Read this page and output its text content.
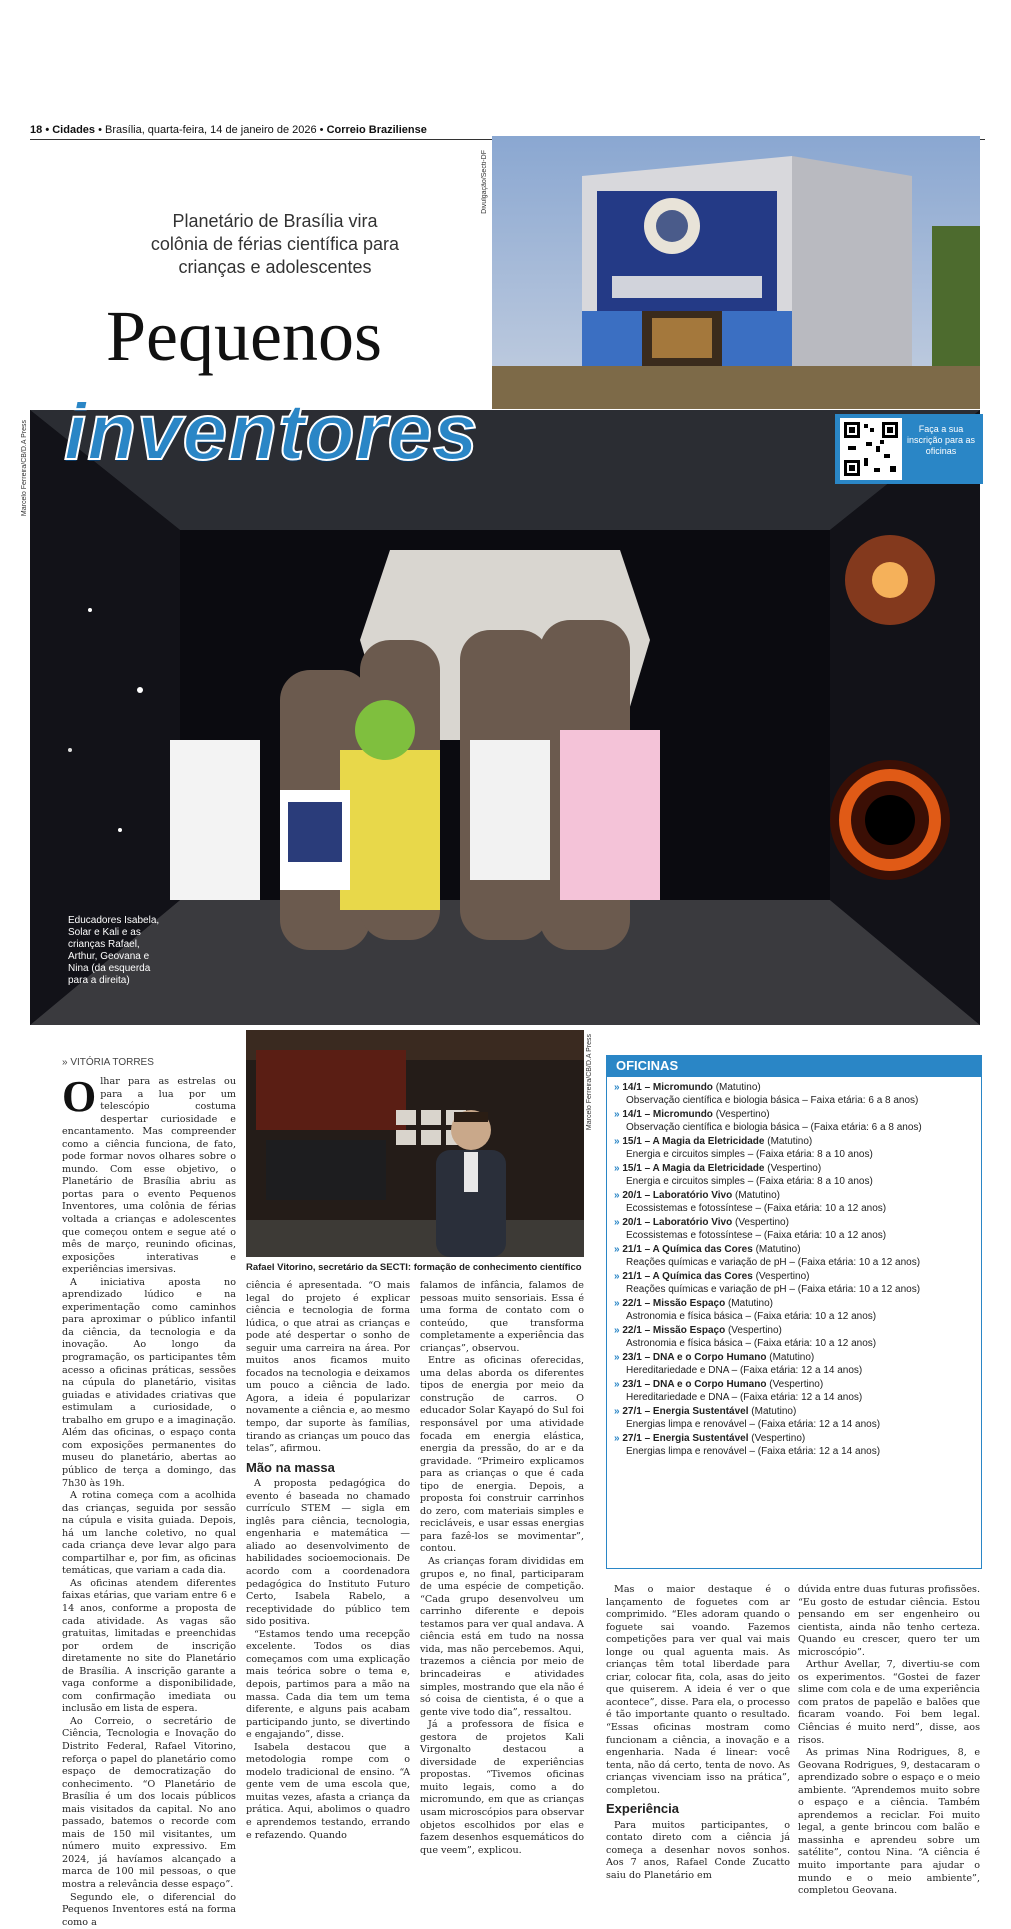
18 • Cidades • Brasília, quarta-feira, 14 de janeiro de 2026 • Correio Braziliense
Planetário de Brasília vira colônia de férias científica para crianças e adolescentes
Divulgação/Secti-DF
Pequenos
inventores
Marcelo Ferreira/CB/D.A Press	Faça a sua inscrição para as oficinas
Educadores Isabela, Solar e Kali e as crianças Rafael, Arthur, Geovana e Nina (da esquerda para a direita)
» VITÓRIA TORRES
O lhar para as estrelas ou para a lua por um telescópio costuma despertar curiosidade e encantamento. Mas compreender como a ciência funciona, de fato, pode formar novos olhares sobre o mundo. Com esse objetivo, o Planetário de Brasília abriu as portas para o evento Pequenos Inventores, uma colônia de férias voltada a crianças e adolescentes que começou ontem e segue até o mês de março, reunindo oficinas, exposições interativas e experiências imersivas.

A iniciativa aposta no aprendizado lúdico e na experimentação como caminhos para aproximar o público infantil da ciência, da tecnologia e da inovação. Ao longo da programação, os participantes têm acesso a oficinas práticas, sessões na cúpula do planetário, visitas guiadas e atividades criativas que estimulam a curiosidade, o trabalho em grupo e a imaginação. Além das oficinas, o espaço conta com exposições permanentes do museu do planetário, abertas ao público de terça a domingo, das 7h30 às 19h.

A rotina começa com a acolhida das crianças, seguida por sessão na cúpula e visita guiada. Depois, há um lanche coletivo, no qual cada criança deve levar algo para compartilhar e, por fim, as oficinas temáticas, que variam a cada dia.

As oficinas atendem diferentes faixas etárias, que variam entre 6 e 14 anos, conforme a proposta de cada atividade. As vagas são gratuitas, limitadas e preenchidas por ordem de inscrição diretamente no site do Planetário de Brasília. A inscrição garante a vaga conforme a disponibilidade, com confirmação imediata ou inclusão em lista de espera.

Ao Correio, o secretário de Ciência, Tecnologia e Inovação do Distrito Federal, Rafael Vitorino, reforça o papel do planetário como espaço de democratização do conhecimento. “O Planetário de Brasília é um dos locais públicos mais visitados da capital. No ano passado, batemos o recorde com mais de 150 mil visitantes, um número muito expressivo. Em 2024, já havíamos alcançado a marca de 100 mil pessoas, o que mostra a relevância desse espaço”.

Segundo ele, o diferencial do Pequenos Inventores está na forma como a

Marcelo Ferreira/CB/D.A Press
Rafael Vitorino, secretário da SECTI: formação de conhecimento científico

ciência é apresentada. “O mais legal do projeto é explicar ciência e tecnologia de forma lúdica, o que atrai as crianças e pode até despertar o sonho de seguir uma carreira na área. Por muitos anos ficamos muito focados na tecnologia e deixamos um pouco a ciência de lado. Agora, a ideia é popularizar novamente a ciência e, ao mesmo tempo, dar suporte às famílias, tirando as crianças um pouco das telas”, afirmou.

Mão na massa

A proposta pedagógica do evento é baseada no chamado currículo STEM — sigla em inglês para ciência, tecnologia, engenharia e matemática — aliado ao desenvolvimento de habilidades socioemocionais. De acordo com a coordenadora pedagógica do Instituto Futuro Certo, Isabela Rabelo, a receptividade do público tem sido positiva.

“Estamos tendo uma recepção excelente. Todos os dias começamos com uma explicação mais teórica sobre o tema e, depois, partimos para a mão na massa. Cada dia tem um tema diferente, e alguns pais acabam participando junto, se divertindo e engajando”, disse.

Isabela destacou que a metodologia rompe com o modelo tradicional de ensino. “A gente vem de uma escola que, muitas vezes, afasta a criança da prática. Aqui, abolimos o quadro e aprendemos testando, errando e refazendo. Quando

falamos de infância, falamos de pessoas muito sensoriais. Essa é uma forma de contato com o conteúdo, que transforma completamente a experiência das crianças”, observou.

Entre as oficinas oferecidas, uma delas aborda os diferentes tipos de energia por meio da construção de carros. O educador Solar Kayapó do Sul foi responsável por uma atividade focada em energia elástica, energia da pressão, do ar e da gravidade. “Primeiro explicamos para as crianças o que é cada tipo de energia. Depois, a proposta foi construir carrinhos do zero, com materiais simples e recicláveis, e usar essas energias para fazê-los se movimentar”, contou.

As crianças foram divididas em grupos e, no final, participaram de uma espécie de competição. “Cada grupo desenvolveu um carrinho diferente e depois testamos para ver qual andava. A ciência está em tudo na nossa vida, mas não percebemos. Aqui, trazemos a ciência por meio de brincadeiras e atividades simples, mostrando que ela não é só coisa de cientista, é o que a gente vive todo dia”, ressaltou.

Já a professora de física e gestora de projetos Kali Virgonalto destacou a diversidade de experiências propostas. “Tivemos oficinas muito legais, como a do micromundo, em que as crianças usam microscópios para observar objetos escolhidos por elas e fazem desenhos esquemáticos do que veem”, explicou.

OFICINAS
» 14/1 – Micromundo (Matutino)
Observação científica e biologia básica – Faixa etária: 6 a 8 anos)
» 14/1 – Micromundo (Vespertino)
Observação científica e biologia básica – (Faixa etária: 6 a 8 anos)
» 15/1 – A Magia da Eletricidade (Matutino)
Energia e circuitos simples – (Faixa etária: 8 a 10 anos)
» 15/1 – A Magia da Eletricidade (Vespertino)
Energia e circuitos simples – (Faixa etária: 8 a 10 anos)
» 20/1 – Laboratório Vivo (Matutino)
Ecossistemas e fotossíntese – (Faixa etária: 10 a 12 anos)
» 20/1 – Laboratório Vivo (Vespertino)
Ecossistemas e fotossíntese – (Faixa etária: 10 a 12 anos)
» 21/1 – A Química das Cores (Matutino)
Reações químicas e variação de pH – (Faixa etária: 10 a 12 anos)
» 21/1 – A Química das Cores (Vespertino)
Reações químicas e variação de pH – (Faixa etária: 10 a 12 anos)
» 22/1 – Missão Espaço (Matutino)
Astronomia e física básica – (Faixa etária: 10 a 12 anos)
» 22/1 – Missão Espaço (Vespertino)
Astronomia e física básica – (Faixa etária: 10 a 12 anos)
» 23/1 – DNA e o Corpo Humano (Matutino)
Hereditariedade e DNA – (Faixa etária: 12 a 14 anos)
» 23/1 – DNA e o Corpo Humano (Vespertino)
Hereditariedade e DNA – (Faixa etária: 12 a 14 anos)
» 27/1 – Energia Sustentável (Matutino)
Energias limpa e renovável – (Faixa etária: 12 a 14 anos)
» 27/1 – Energia Sustentável (Vespertino)
Energias limpa e renovável – (Faixa etária: 12 a 14 anos)

Mas o maior destaque é o lançamento de foguetes com ar comprimido. “Eles adoram quando o foguete sai voando. Fazemos competições para ver qual vai mais longe ou qual aguenta mais. As crianças têm total liberdade para criar, colocar fita, cola, asas do jeito que quiserem. A ideia é ver o que acontece”, disse. Para ela, o processo é tão importante quanto o resultado. “Essas oficinas mostram como funcionam a ciência, a inovação e a engenharia. Nada é linear: você tenta, não dá certo, tenta de novo. As crianças vivenciam isso na prática”, completou.

Experiência

Para muitos participantes, o contato direto com a ciência já começa a desenhar novos sonhos. Aos 7 anos, Rafael Conde Zucatto saiu do Planetário em

dúvida entre duas futuras profissões. “Eu gosto de estudar ciência. Estou pensando em ser engenheiro ou cientista, ainda não tenho certeza. Quando eu crescer, quero ter um microscópio”.

Arthur Avellar, 7, divertiu-se com os experimentos. “Gostei de fazer slime com cola e de uma experiência com pratos de papelão e balões que ficaram voando. Foi bem legal. Ciências é muito nerd”, disse, aos risos.

As primas Nina Rodrigues, 8, e Geovana Rodrigues, 9, destacaram o aprendizado sobre o espaço e o meio ambiente. “Aprendemos muito sobre o espaço e a ciência. Também aprendemos a reciclar. Foi muito legal, a gente brincou com balão e massinha e aprendeu sobre um satélite”, contou Nina. “A ciência é muito importante para ajudar o mundo e o meio ambiente”, completou Geovana.
